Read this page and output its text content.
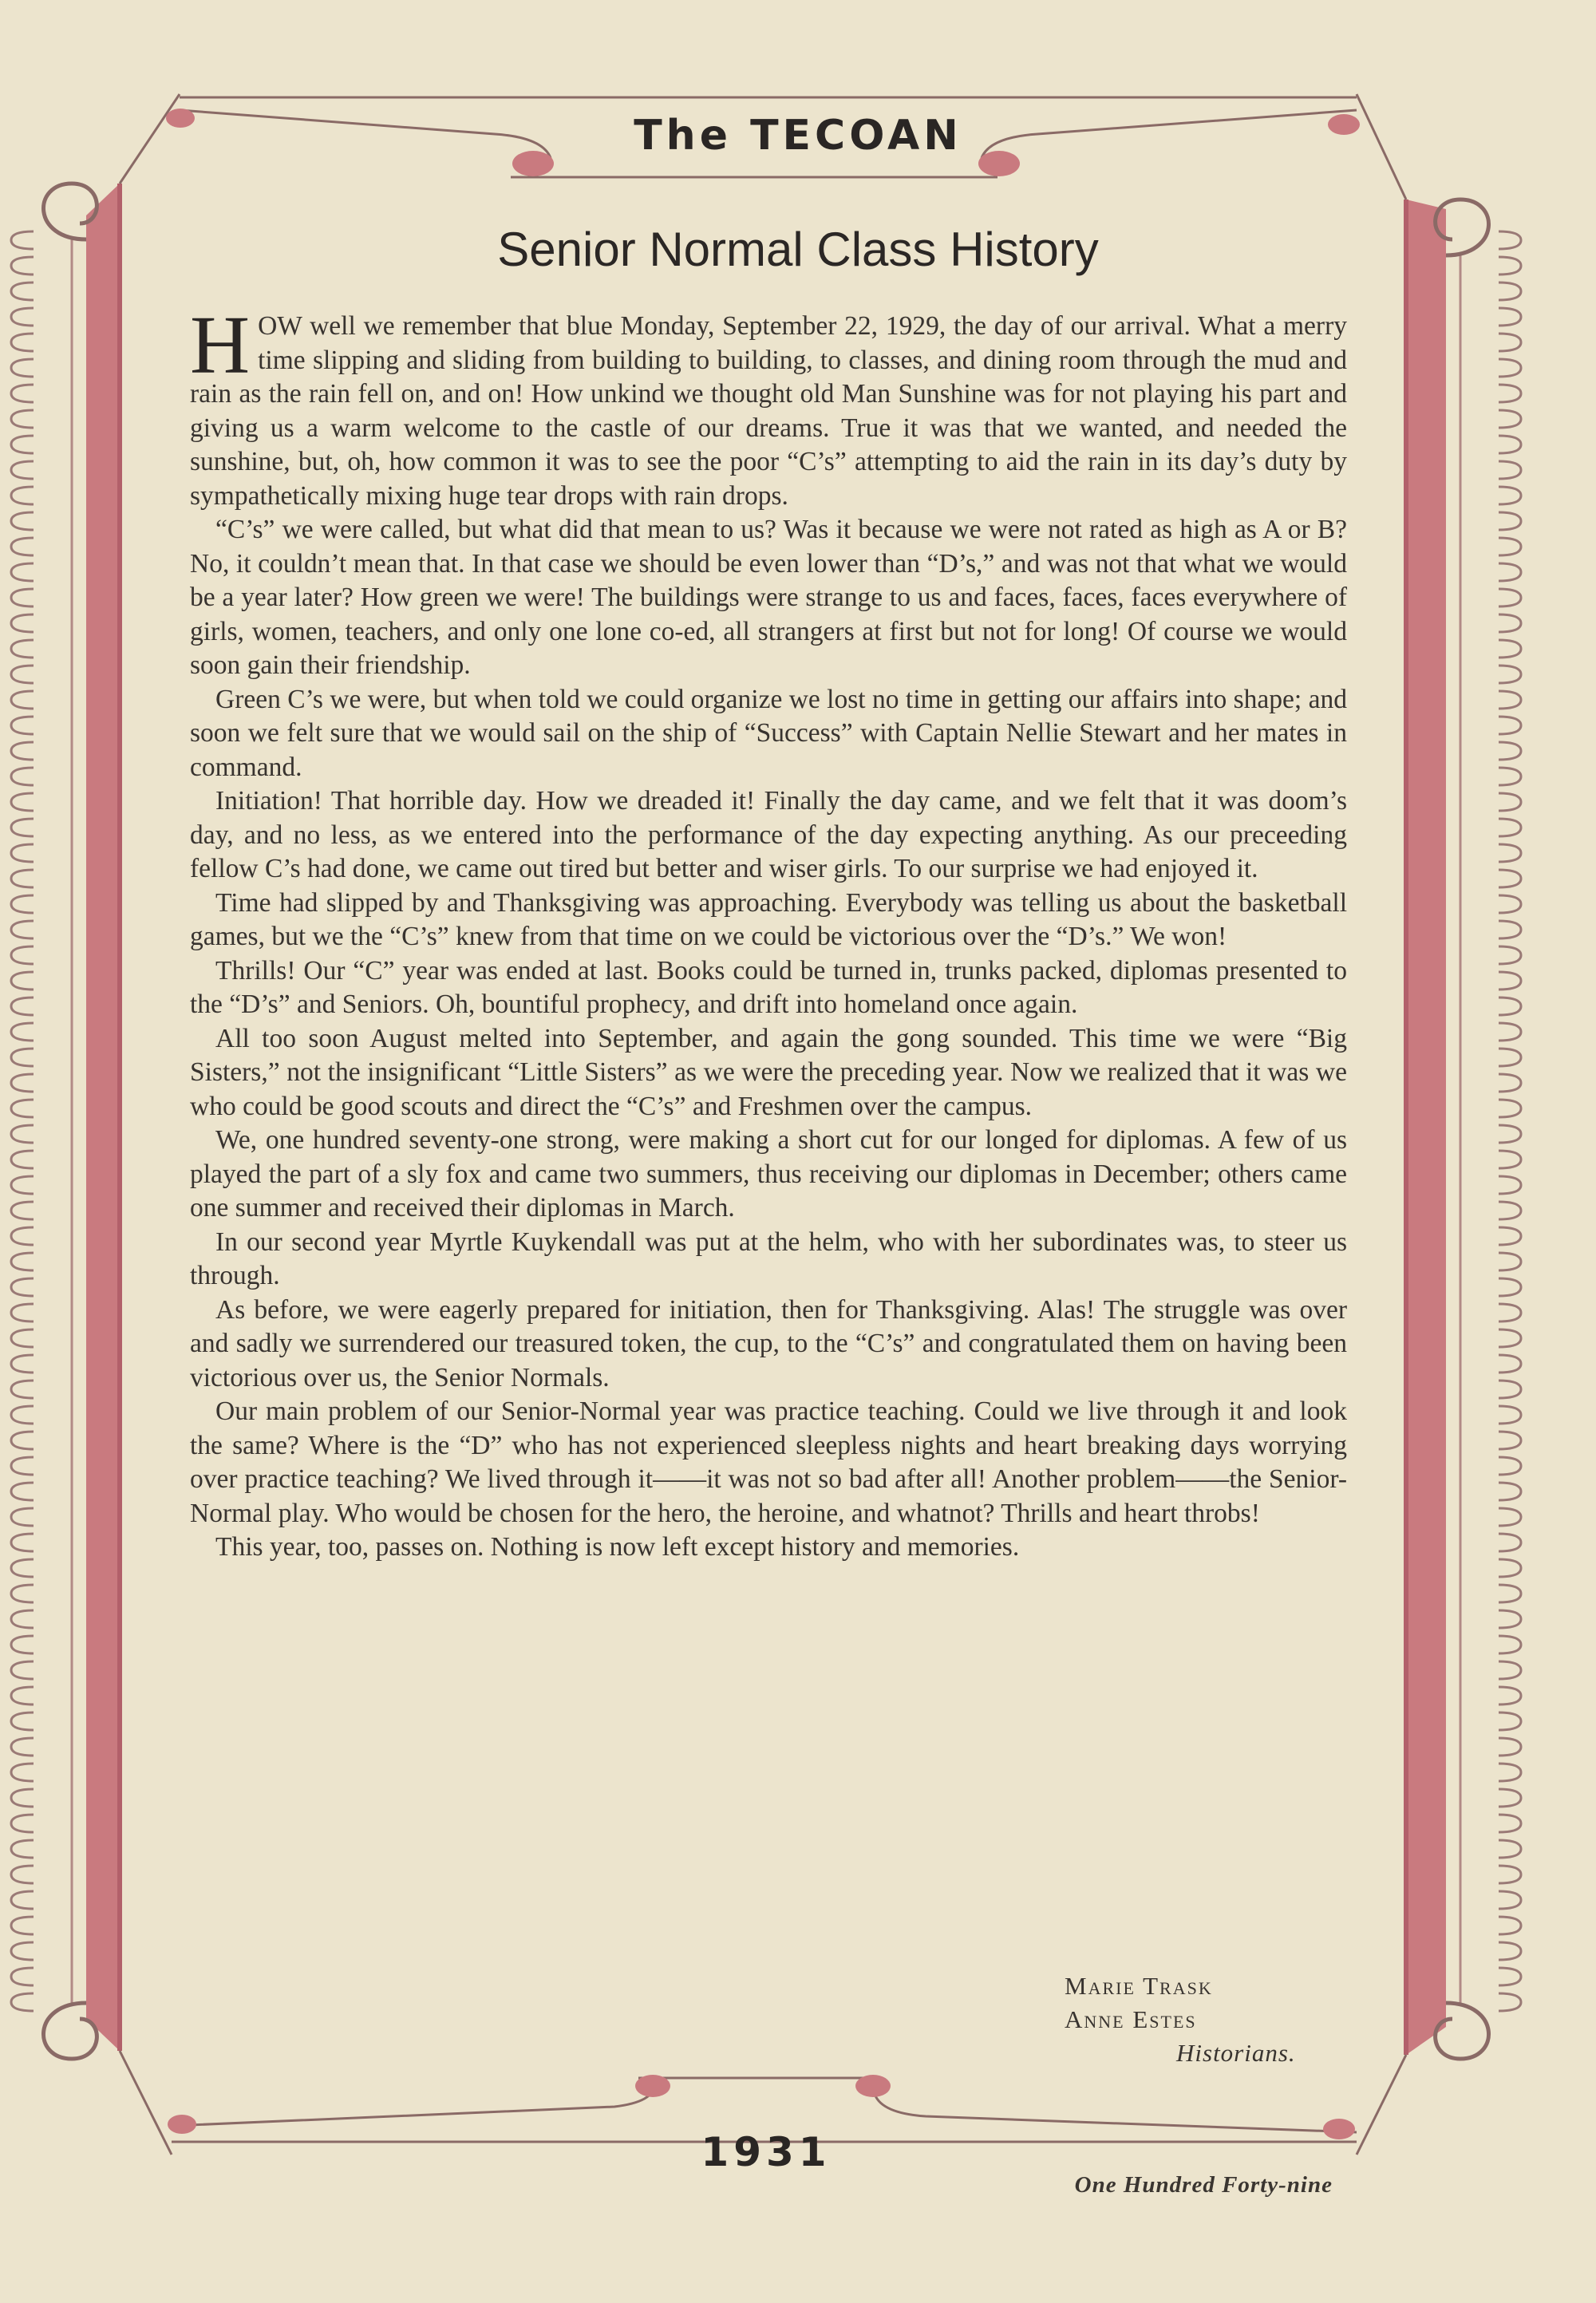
The TECOAN
Senior Normal Class History

HOW well we remember that blue Monday, September 22, 1929, the day of our arrival. What a merry time slipping and sliding from building to building, to classes, and dining room through the mud and rain as the rain fell on, and on! How unkind we thought old Man Sunshine was for not playing his part and giving us a warm welcome to the castle of our dreams. True it was that we wanted, and needed the sunshine, but, oh, how common it was to see the poor “C’s” attempting to aid the rain in its day’s duty by sympathetically mixing huge tear drops with rain drops.

“C’s” we were called, but what did that mean to us? Was it because we were not rated as high as A or B? No, it couldn’t mean that. In that case we should be even lower than “D’s,” and was not that what we would be a year later? How green we were! The buildings were strange to us and faces, faces, faces everywhere of girls, women, teachers, and only one lone co-ed, all strangers at first but not for long! Of course we would soon gain their friendship.

Green C’s we were, but when told we could organize we lost no time in getting our affairs into shape; and soon we felt sure that we would sail on the ship of “Success” with Captain Nellie Stewart and her mates in command.

Initiation! That horrible day. How we dreaded it! Finally the day came, and we felt that it was doom’s day, and no less, as we entered into the performance of the day expecting anything. As our preceeding fellow C’s had done, we came out tired but better and wiser girls. To our surprise we had enjoyed it.

Time had slipped by and Thanksgiving was approaching. Everybody was telling us about the basketball games, but we the “C’s” knew from that time on we could be victorious over the “D’s.” We won!

Thrills! Our “C” year was ended at last. Books could be turned in, trunks packed, diplomas presented to the “D’s” and Seniors. Oh, bountiful prophecy, and drift into homeland once again.

All too soon August melted into September, and again the gong sounded. This time we were “Big Sisters,” not the insignificant “Little Sisters” as we were the preceding year. Now we realized that it was we who could be good scouts and direct the “C’s” and Freshmen over the campus.

We, one hundred seventy-one strong, were making a short cut for our longed for diplomas. A few of us played the part of a sly fox and came two summers, thus receiving our diplomas in December; others came one summer and received their diplomas in March.

In our second year Myrtle Kuykendall was put at the helm, who with her subordinates was, to steer us through.

As before, we were eagerly prepared for initiation, then for Thanksgiving. Alas! The struggle was over and sadly we surrendered our treasured token, the cup, to the “C’s” and congratulated them on having been victorious over us, the Senior Normals.

Our main problem of our Senior-Normal year was practice teaching. Could we live through it and look the same? Where is the “D” who has not experienced sleepless nights and heart breaking days worrying over practice teaching? We lived through it——it was not so bad after all! Another problem——the Senior-Normal play. Who would be chosen for the hero, the heroine, and whatnot? Thrills and heart throbs!

This year, too, passes on. Nothing is now left except history and memories.

Marie Trask
Anne Estes
Historians.
1931
One Hundred Forty-nine
